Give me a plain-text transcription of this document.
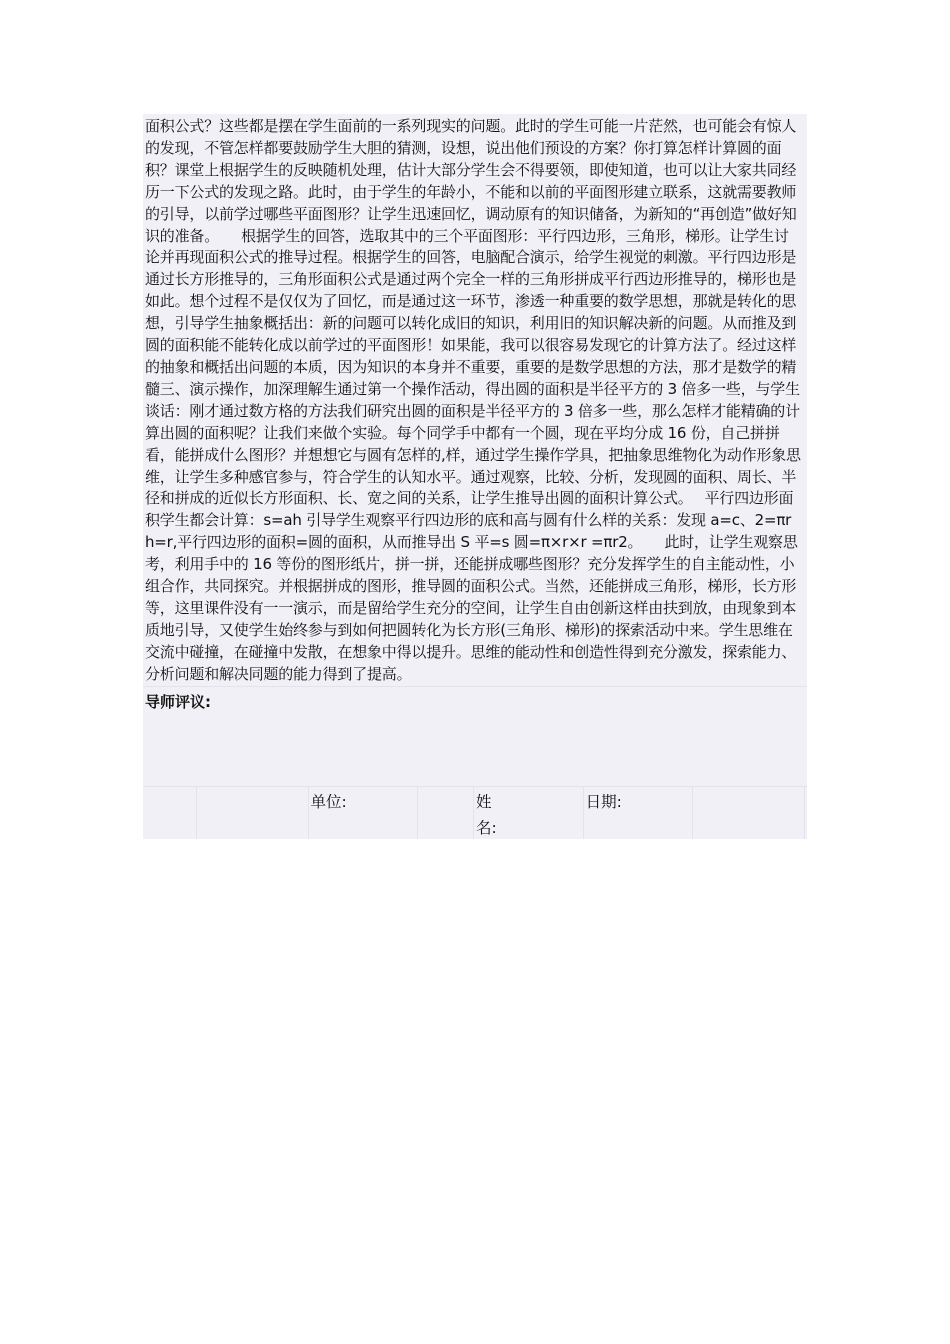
面积公式？这些都是摆在学生面前的一系列现实的问题。此时的学生可能一片茫然，也可能会有惊人的发现，不管怎样都要鼓励学生大胆的猜测，设想，说出他们预设的方案？你打算怎样计算圆的面积？课堂上根据学生的反映随机处理，估计大部分学生会不得要领，即使知道，也可以让大家共同经历一下公式的发现之路。此时，由于学生的年龄小，不能和以前的平面图形建立联系，这就需要教师的引导，以前学过哪些平面图形？让学生迅速回忆，调动原有的知识储备，为新知的“再创造”做好知识的准备。　　根据学生的回答，选取其中的三个平面图形：平行四边形，三角形，梯形。让学生讨论并再现面积公式的推导过程。根据学生的回答，电脑配合演示，给学生视觉的刺激。平行四边形是通过长方形推导的，三角形面积公式是通过两个完全一样的三角形拼成平行西边形推导的，梯形也是如此。想个过程不是仅仅为了回忆，而是通过这一环节，渗透一种重要的数学思想，那就是转化的思想，引导学生抽象概括出：新的问题可以转化成旧的知识，利用旧的知识解决新的问题。从而推及到圆的面积能不能转化成以前学过的平面图形！如果能，我可以很容易发现它的计算方法了。经过这样的抽象和概括出问题的本质，因为知识的本身并不重要，重要的是数学思想的方法，那才是数学的精髓三、演示操作，加深理解生通过第一个操作活动，得出圆的面积是半径平方的 3 倍多一些，与学生谈话：刚才通过数方格的方法我们研究出圆的面积是半径平方的 3 倍多一些，那么怎样才能精确的计算出圆的面积呢？让我们来做个实验。每个同学手中都有一个圆，现在平均分成 16 份，自己拼拼看，能拼成什么图形？并想想它与圆有怎样的,样，通过学生操作学具，把抽象思维物化为动作形象思维，让学生多种感官参与，符合学生的认知水平。通过观察，比较、分析，发现圆的面积、周长、半径和拼成的近似长方形面积、长、宽之间的关系，让学生推导出圆的面积计算公式。　 平行四边形面积学生都会计算：s=ah 引导学生观察平行四边形的底和高与圆有什么样的关系：发现 a=c、2=πr　h=r,平行四边形的面积=圆的面积，从而推导出 S 平=s 圆=π×r×r =πr2。　　此时，让学生观察思考，利用手中的 16 等份的图形纸片，拼一拼，还能拼成哪些图形？充分发挥学生的自主能动性，小组合作，共同探究。并根据拼成的图形，推导圆的面积公式。当然，还能拼成三角形，梯形，长方形等，这里课件没有一一演示，而是留给学生充分的空间，让学生自由创新这样由扶到放，由现象到本质地引导，又使学生始终参与到如何把圆转化为长方形(三角形、梯形)的探索活动中来。学生思维在交流中碰撞，在碰撞中发散，在想象中得以提升。思维的能动性和创造性得到充分激发，探索能力、分析问题和解决同题的能力得到了提高。

导师评议:
单位:	姓名:
日期:
